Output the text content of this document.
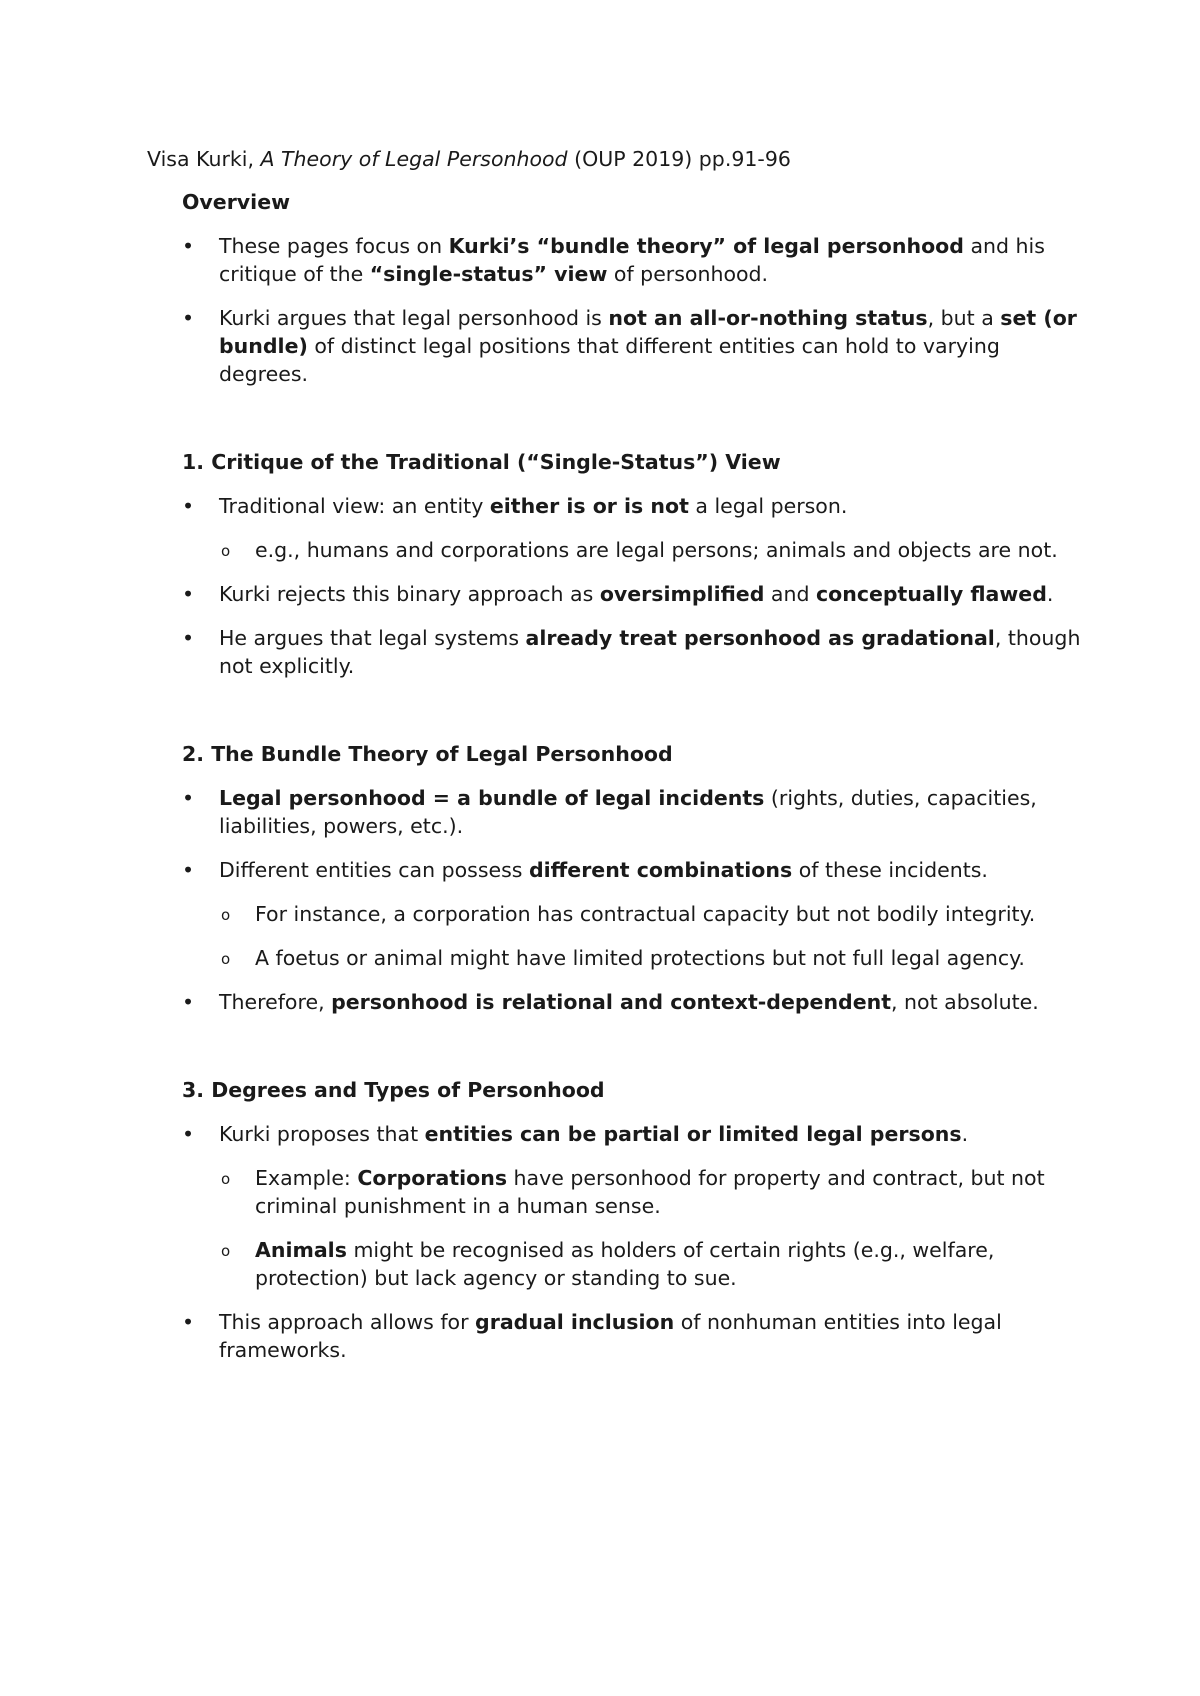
Visa Kurki, A Theory of Legal Personhood (OUP 2019) pp.91-96

Overview
•	These pages focus on Kurki’s “bundle theory” of legal personhood and his critique of the “single-status” view of personhood.
•	Kurki argues that legal personhood is not an all-or-nothing status, but a set (or bundle) of distinct legal positions that different entities can hold to varying degrees.
1. Critique of the Traditional (“Single-Status”) View
•	Traditional view: an entity either is or is not a legal person.
o e.g., humans and corporations are legal persons; animals and objects are not.
•	Kurki rejects this binary approach as oversimplified and conceptually flawed.
•	He argues that legal systems already treat personhood as gradational, though not explicitly.
2. The Bundle Theory of Legal Personhood
•	Legal personhood = a bundle of legal incidents (rights, duties, capacities, liabilities, powers, etc.).
•	Different entities can possess different combinations of these incidents.
o For instance, a corporation has contractual capacity but not bodily integrity.
o A foetus or animal might have limited protections but not full legal agency.
•	Therefore, personhood is relational and context-dependent, not absolute.
3. Degrees and Types of Personhood
•	Kurki proposes that entities can be partial or limited legal persons.
o Example: Corporations have personhood for property and contract, but not criminal punishment in a human sense.
o Animals might be recognised as holders of certain rights (e.g., welfare, protection) but lack agency or standing to sue.
•	This approach allows for gradual inclusion of nonhuman entities into legal frameworks.
